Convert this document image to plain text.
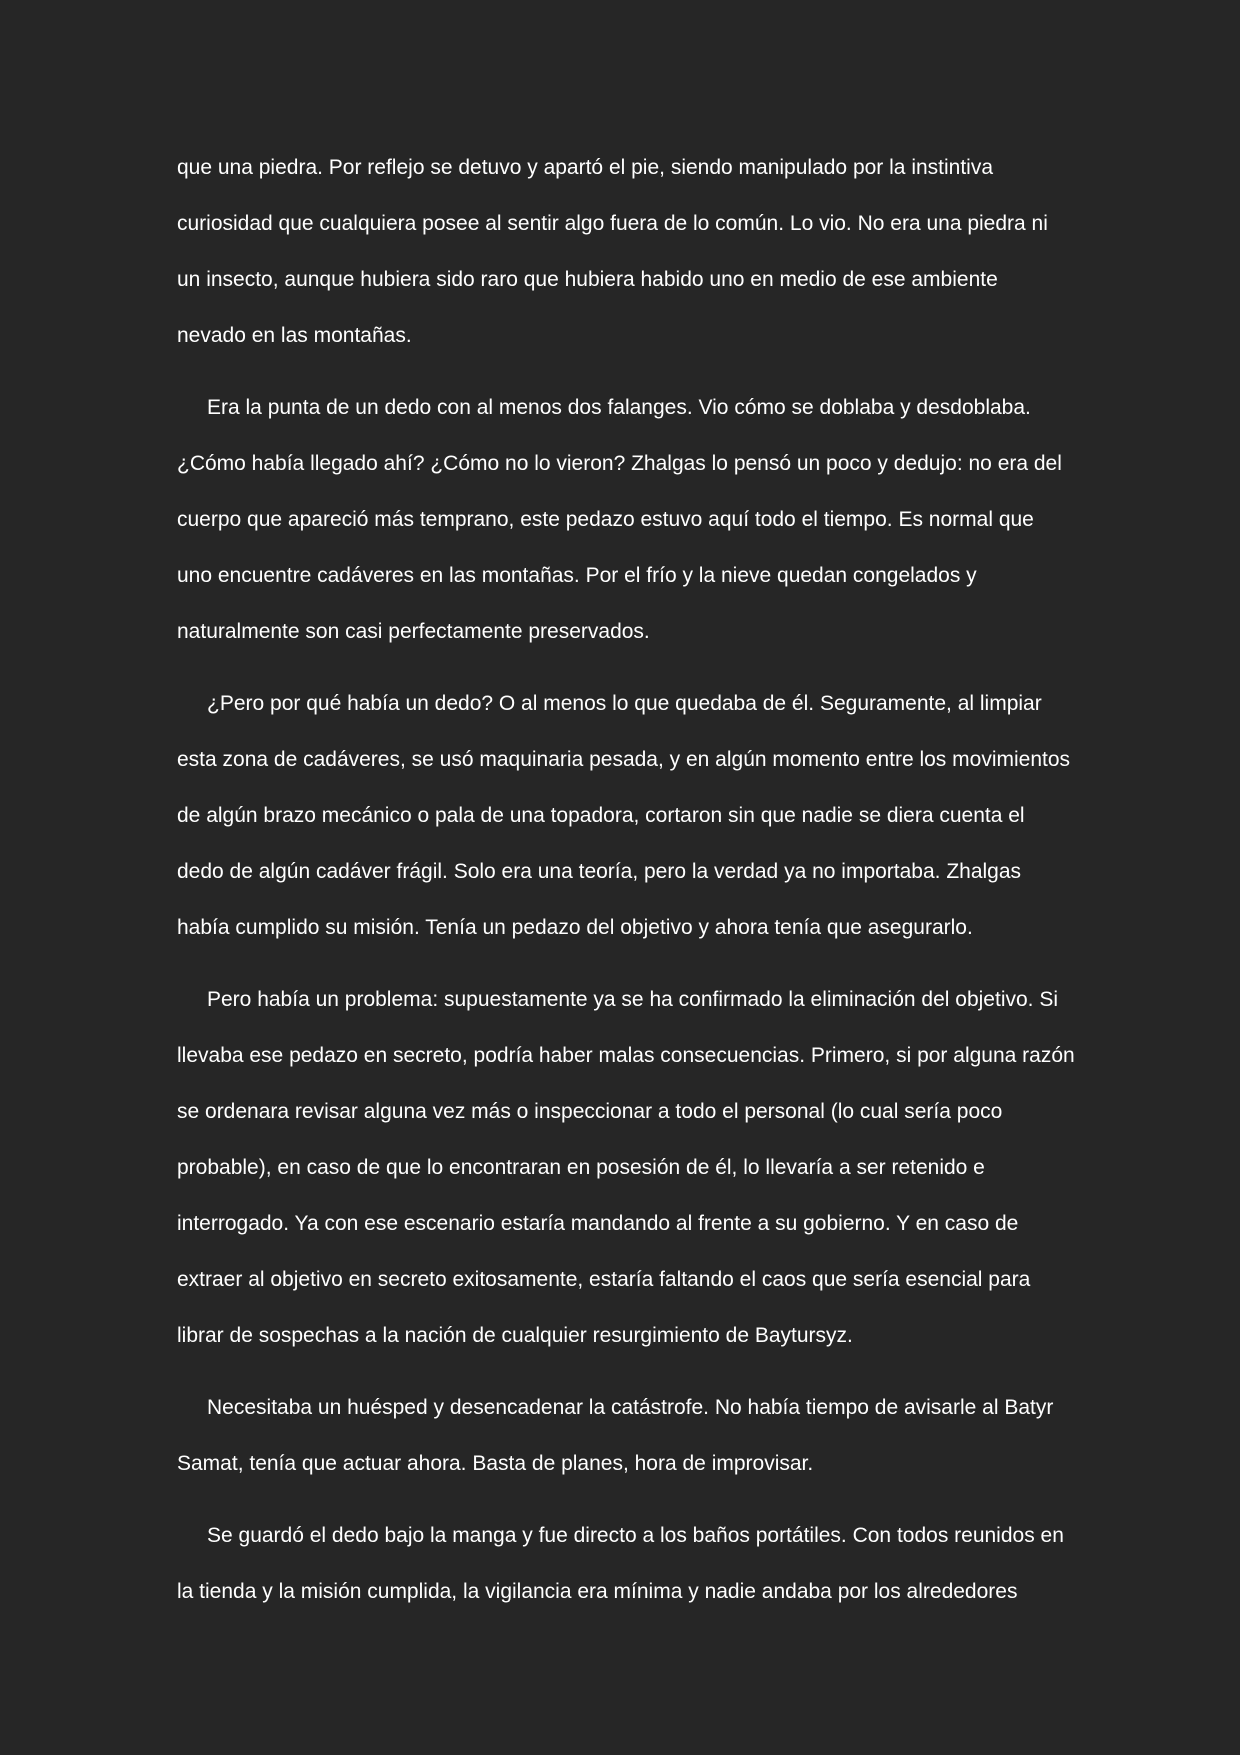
que una piedra. Por reflejo se detuvo y apartó el pie, siendo manipulado por la instintiva
curiosidad que cualquiera posee al sentir algo fuera de lo común. Lo vio. No era una piedra ni
un insecto, aunque hubiera sido raro que hubiera habido uno en medio de ese ambiente
nevado en las montañas.
Era la punta de un dedo con al menos dos falanges. Vio cómo se doblaba y desdoblaba.
¿Cómo había llegado ahí? ¿Cómo no lo vieron? Zhalgas lo pensó un poco y dedujo: no era del
cuerpo que apareció más temprano, este pedazo estuvo aquí todo el tiempo. Es normal que
uno encuentre cadáveres en las montañas. Por el frío y la nieve quedan congelados y
naturalmente son casi perfectamente preservados.
¿Pero por qué había un dedo? O al menos lo que quedaba de él. Seguramente, al limpiar
esta zona de cadáveres, se usó maquinaria pesada, y en algún momento entre los movimientos
de algún brazo mecánico o pala de una topadora, cortaron sin que nadie se diera cuenta el
dedo de algún cadáver frágil. Solo era una teoría, pero la verdad ya no importaba. Zhalgas
había cumplido su misión. Tenía un pedazo del objetivo y ahora tenía que asegurarlo.
Pero había un problema: supuestamente ya se ha confirmado la eliminación del objetivo. Si
llevaba ese pedazo en secreto, podría haber malas consecuencias. Primero, si por alguna razón
se ordenara revisar alguna vez más o inspeccionar a todo el personal (lo cual sería poco
probable), en caso de que lo encontraran en posesión de él, lo llevaría a ser retenido e
interrogado. Ya con ese escenario estaría mandando al frente a su gobierno. Y en caso de
extraer al objetivo en secreto exitosamente, estaría faltando el caos que sería esencial para
librar de sospechas a la nación de cualquier resurgimiento de Baytursyz.
Necesitaba un huésped y desencadenar la catástrofe. No había tiempo de avisarle al Batyr
Samat, tenía que actuar ahora. Basta de planes, hora de improvisar.
Se guardó el dedo bajo la manga y fue directo a los baños portátiles. Con todos reunidos en
la tienda y la misión cumplida, la vigilancia era mínima y nadie andaba por los alrededores
